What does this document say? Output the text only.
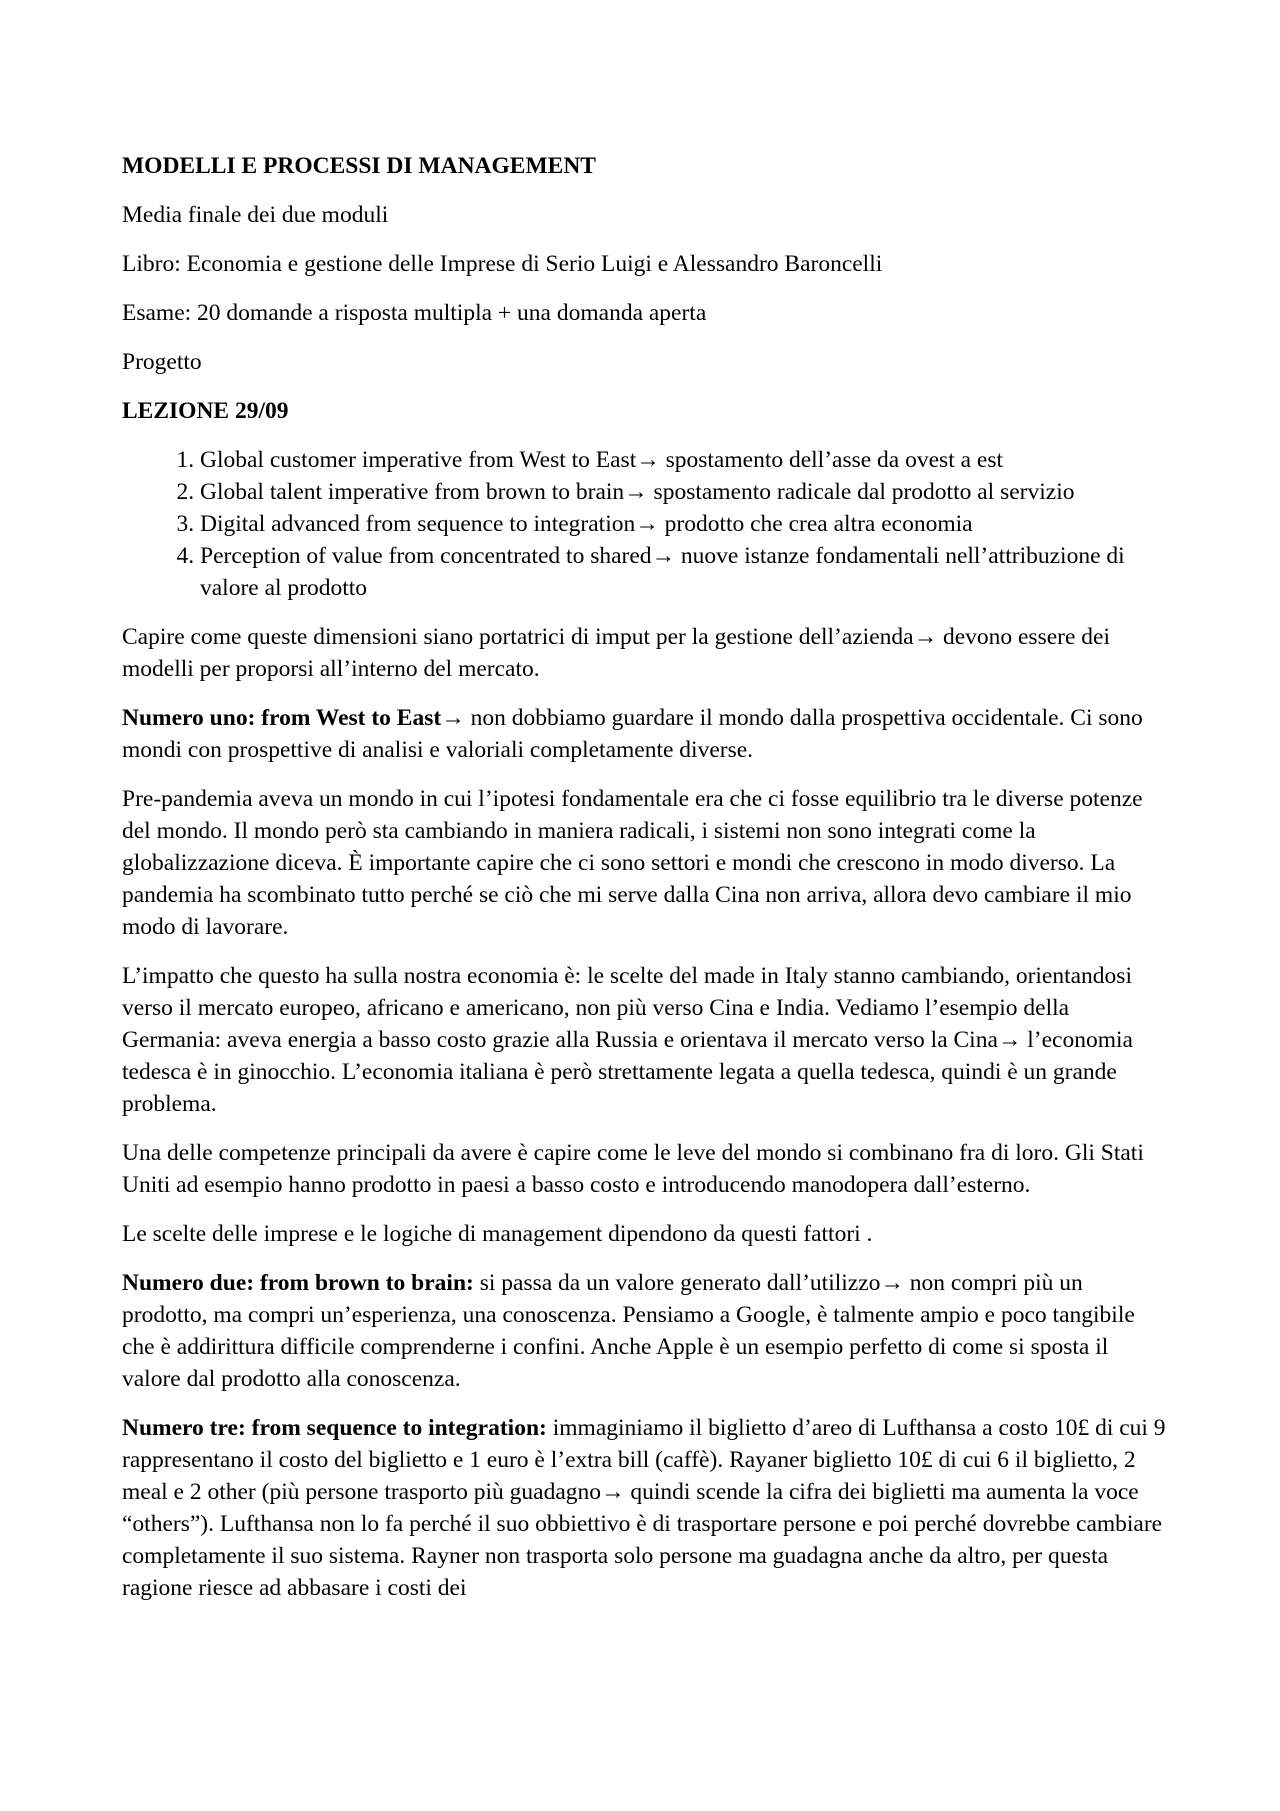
MODELLI E PROCESSI DI MANAGEMENT

Media finale dei due moduli

Libro: Economia e gestione delle Imprese di Serio Luigi e Alessandro Baroncelli

Esame: 20 domande a risposta multipla + una domanda aperta

Progetto

LEZIONE 29/09

1. Global customer imperative from West to East→ spostamento dell’asse da ovest a est
2. Global talent imperative from brown to brain→ spostamento radicale dal prodotto al servizio
3. Digital advanced from sequence to integration→ prodotto che crea altra economia
4. Perception of value from concentrated to shared→ nuove istanze fondamentali nell’attribuzione di valore al prodotto

Capire come queste dimensioni siano portatrici di imput per la gestione dell’azienda→ devono essere dei modelli per proporsi all’interno del mercato.

Numero uno: from West to East→ non dobbiamo guardare il mondo dalla prospettiva occidentale. Ci sono mondi con prospettive di analisi e valoriali completamente diverse.

Pre-pandemia aveva un mondo in cui l’ipotesi fondamentale era che ci fosse equilibrio tra le diverse potenze del mondo. Il mondo però sta cambiando in maniera radicali, i sistemi non sono integrati come la globalizzazione diceva. È importante capire che ci sono settori e mondi che crescono in modo diverso. La pandemia ha scombinato tutto perché se ciò che mi serve dalla Cina non arriva, allora devo cambiare il mio modo di lavorare.

L’impatto che questo ha sulla nostra economia è: le scelte del made in Italy stanno cambiando, orientandosi verso il mercato europeo, africano e americano, non più verso Cina e India. Vediamo l’esempio della Germania: aveva energia a basso costo grazie alla Russia e orientava il mercato verso la Cina→ l’economia tedesca è in ginocchio. L’economia italiana è però strettamente legata a quella tedesca, quindi è un grande problema.

Una delle competenze principali da avere è capire come le leve del mondo si combinano fra di loro. Gli Stati Uniti ad esempio hanno prodotto in paesi a basso costo e introducendo manodopera dall’esterno.

Le scelte delle imprese e le logiche di management dipendono da questi fattori .

Numero due: from brown to brain: si passa da un valore generato dall’utilizzo→ non compri più un prodotto, ma compri un’esperienza, una conoscenza. Pensiamo a Google, è talmente ampio e poco tangibile che è addirittura difficile comprenderne i confini. Anche Apple è un esempio perfetto di come si sposta il valore dal prodotto alla conoscenza.

Numero tre: from sequence to integration: immaginiamo il biglietto d’areo di Lufthansa a costo 10£ di cui 9 rappresentano il costo del biglietto e 1 euro è l’extra bill (caffè). Rayaner biglietto 10£ di cui 6 il biglietto, 2 meal e 2 other (più persone trasporto più guadagno→ quindi scende la cifra dei biglietti ma aumenta la voce “others”). Lufthansa non lo fa perché il suo obbiettivo è di trasportare persone e poi perché dovrebbe cambiare completamente il suo sistema. Rayner non trasporta solo persone ma guadagna anche da altro, per questa ragione riesce ad abbasare i costi dei
